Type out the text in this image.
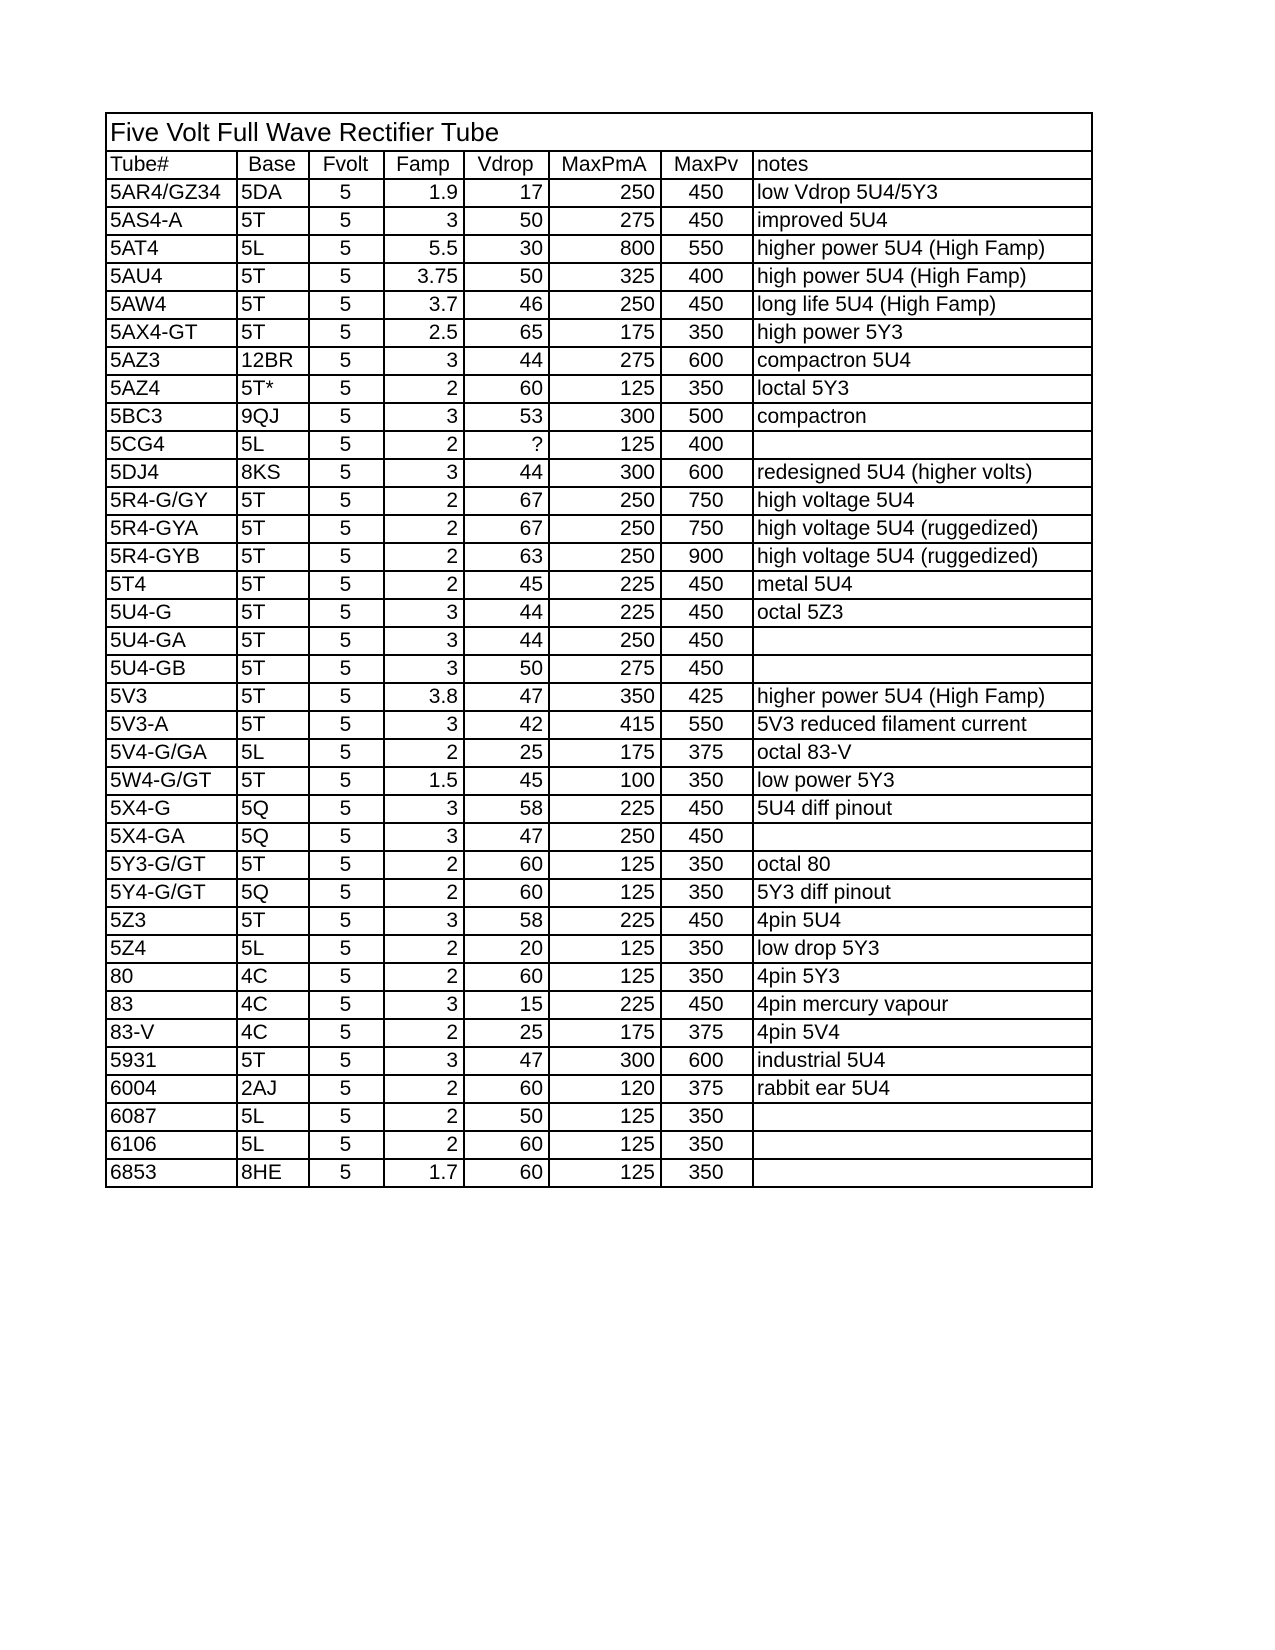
Five Volt Full Wave Rectifier Tube
Tube#	Base	Fvolt	Famp	Vdrop	MaxPmA	MaxPv	notes
5AR4/GZ34	5DA	5	1.9	17	250	450	low Vdrop 5U4/5Y3
5AS4-A	5T	5	3	50	275	450	improved 5U4
5AT4	5L	5	5.5	30	800	550	higher power 5U4 (High Famp)
5AU4	5T	5	3.75	50	325	400	high power 5U4 (High Famp)
5AW4	5T	5	3.7	46	250	450	long life 5U4 (High Famp)
5AX4-GT	5T	5	2.5	65	175	350	high power 5Y3
5AZ3	12BR	5	3	44	275	600	compactron 5U4
5AZ4	5T*	5	2	60	125	350	loctal 5Y3
5BC3	9QJ	5	3	53	300	500	compactron
5CG4	5L	5	2	?	125	400	
5DJ4	8KS	5	3	44	300	600	redesigned 5U4 (higher volts)
5R4-G/GY	5T	5	2	67	250	750	high voltage 5U4
5R4-GYA	5T	5	2	67	250	750	high voltage 5U4 (ruggedized)
5R4-GYB	5T	5	2	63	250	900	high voltage 5U4 (ruggedized)
5T4	5T	5	2	45	225	450	metal 5U4
5U4-G	5T	5	3	44	225	450	octal 5Z3
5U4-GA	5T	5	3	44	250	450	
5U4-GB	5T	5	3	50	275	450	
5V3	5T	5	3.8	47	350	425	higher power 5U4 (High Famp)
5V3-A	5T	5	3	42	415	550	5V3 reduced filament current
5V4-G/GA	5L	5	2	25	175	375	octal 83-V
5W4-G/GT	5T	5	1.5	45	100	350	low power 5Y3
5X4-G	5Q	5	3	58	225	450	5U4 diff pinout
5X4-GA	5Q	5	3	47	250	450	
5Y3-G/GT	5T	5	2	60	125	350	octal 80
5Y4-G/GT	5Q	5	2	60	125	350	5Y3 diff pinout
5Z3	5T	5	3	58	225	450	4pin 5U4
5Z4	5L	5	2	20	125	350	low drop 5Y3
80	4C	5	2	60	125	350	4pin 5Y3
83	4C	5	3	15	225	450	4pin mercury vapour
83-V	4C	5	2	25	175	375	4pin 5V4
5931	5T	5	3	47	300	600	industrial 5U4
6004	2AJ	5	2	60	120	375	rabbit ear 5U4
6087	5L	5	2	50	125	350	
6106	5L	5	2	60	125	350	
6853	8HE	5	1.7	60	125	350	
